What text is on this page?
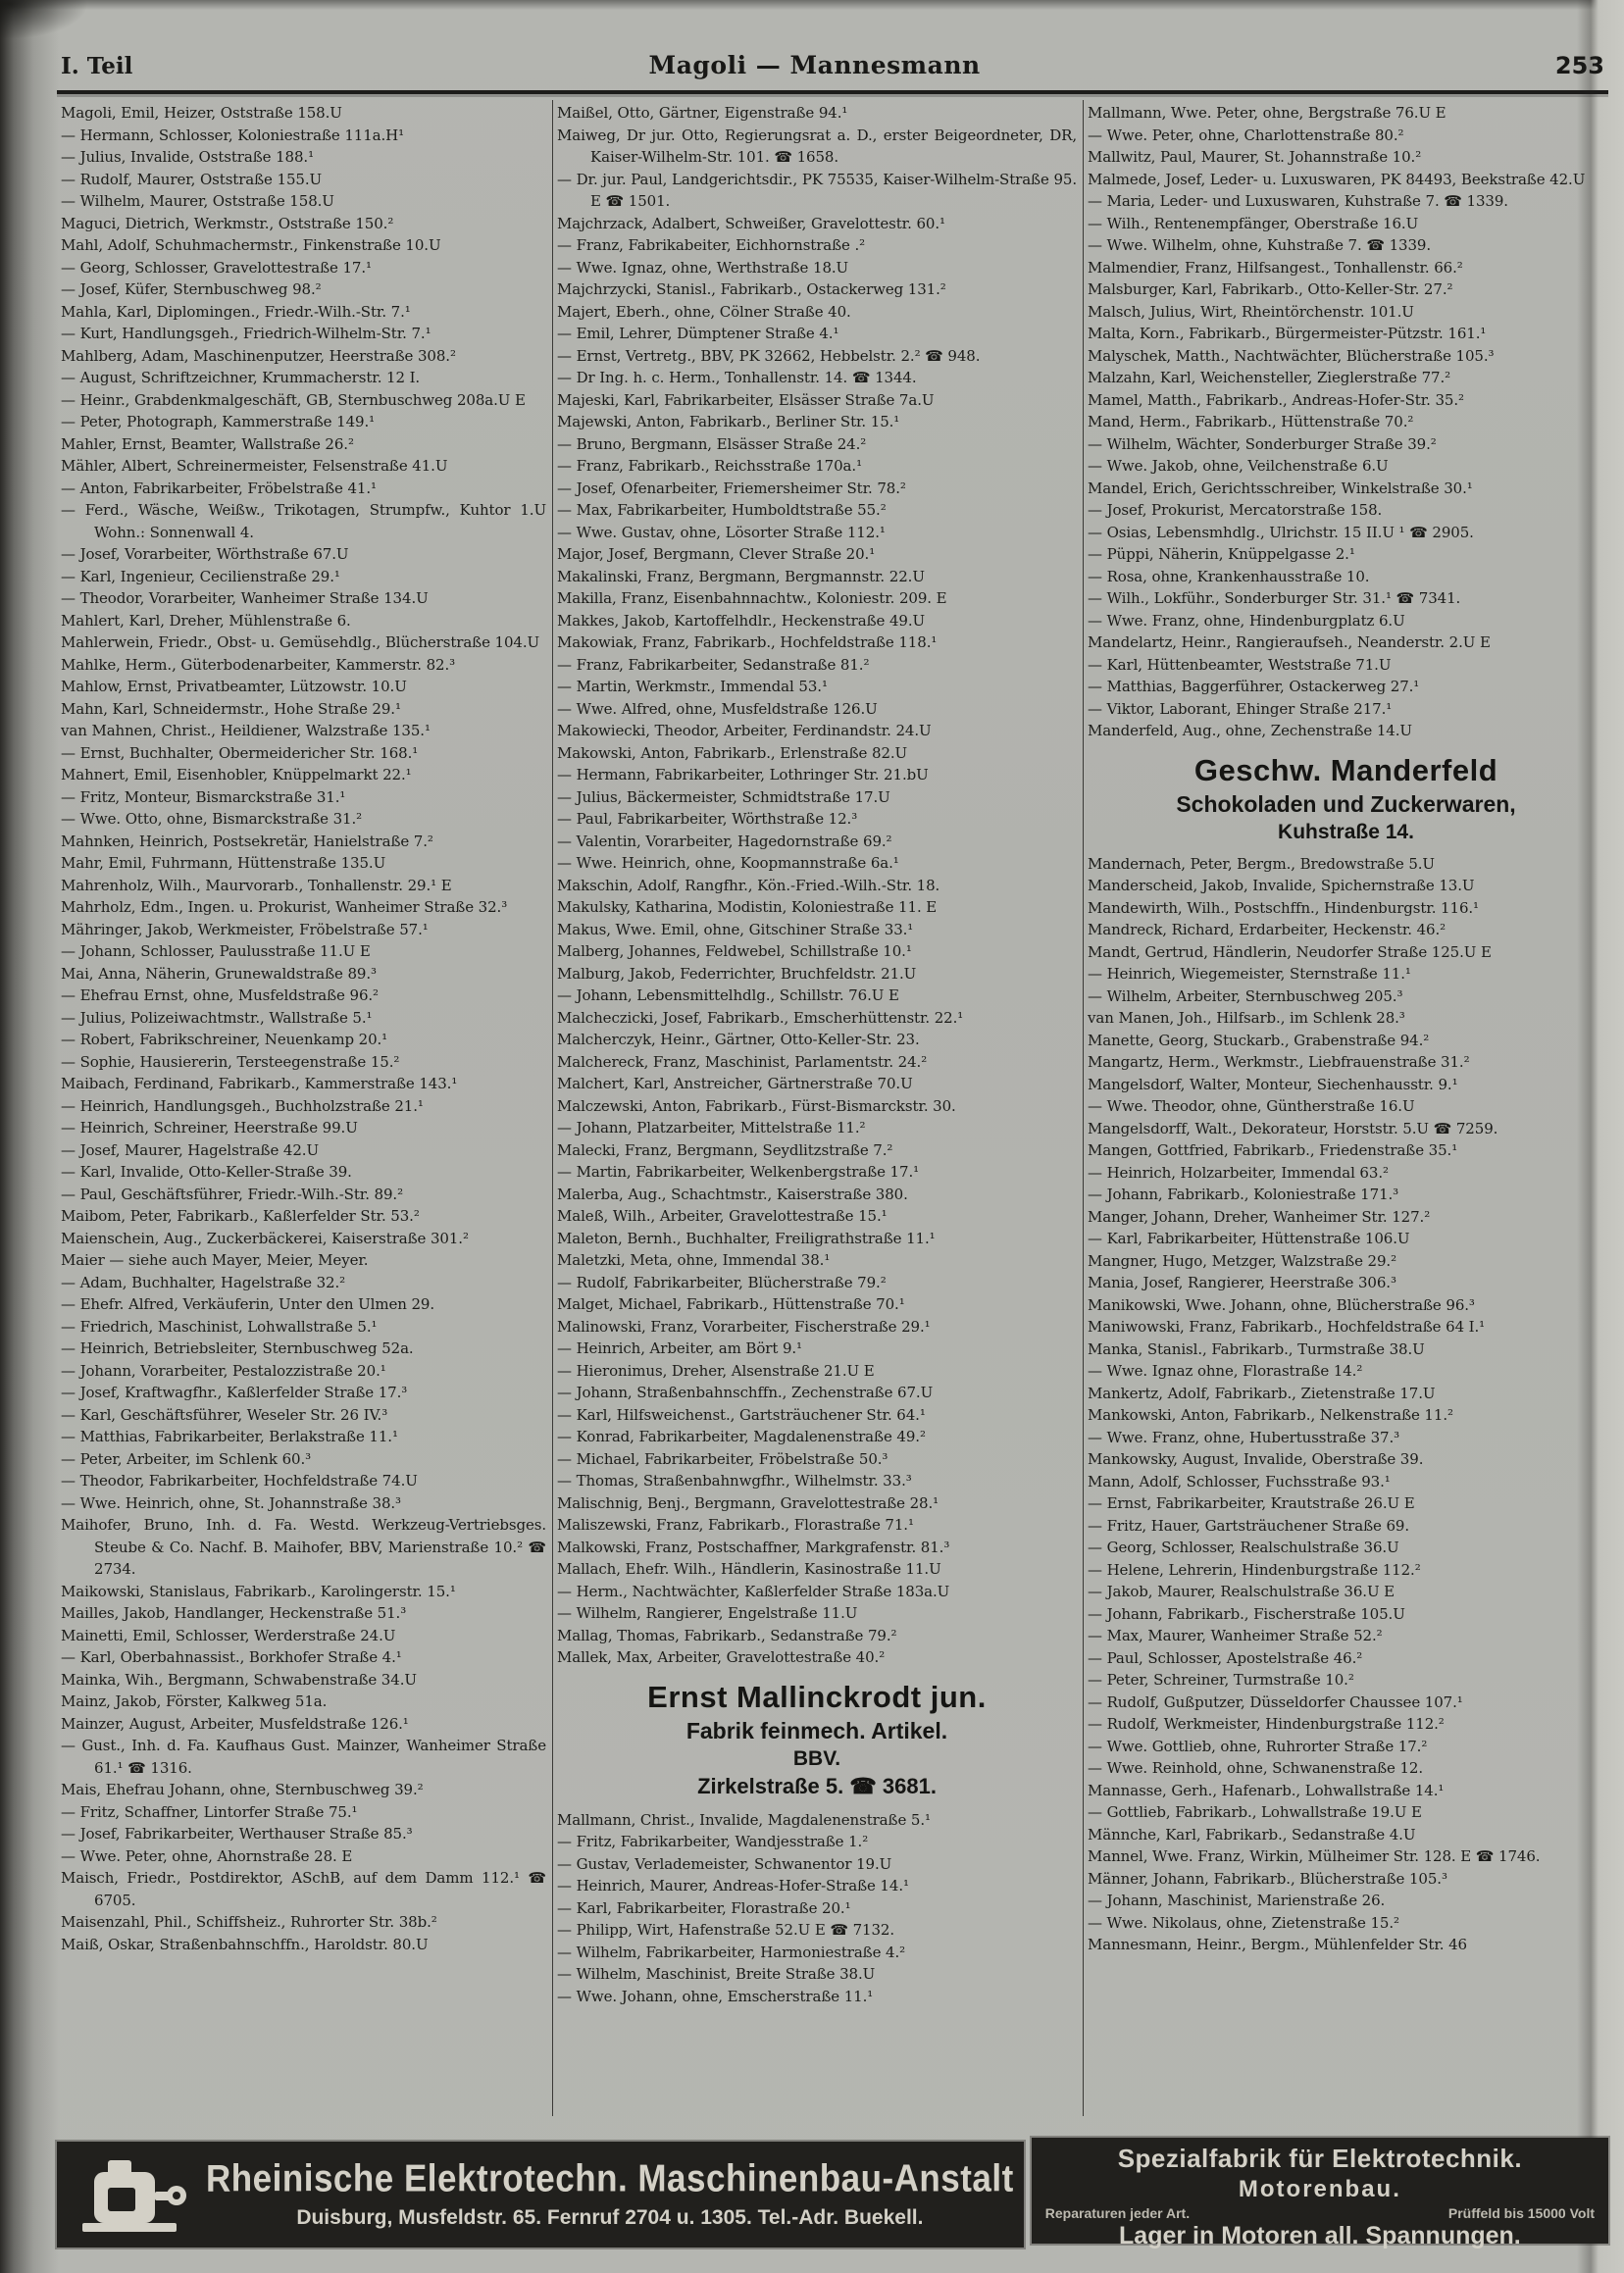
I. Teil	Magoli — Mannesmann	253
Magoli, Emil, Heizer, Oststraße 158.U
— Hermann, Schlosser, Koloniestraße 111a.H¹
— Julius, Invalide, Oststraße 188.¹
— Rudolf, Maurer, Oststraße 155.U
— Wilhelm, Maurer, Oststraße 158.U
Maguci, Dietrich, Werkmstr., Oststraße 150.²
Mahl, Adolf, Schuhmachermstr., Finkenstraße 10.U
— Georg, Schlosser, Gravelottestraße 17.¹
— Josef, Küfer, Sternbuschweg 98.²
Mahla, Karl, Diplomingen., Friedr.-Wilh.-Str. 7.¹
— Kurt, Handlungsgeh., Friedrich-Wilhelm-Str. 7.¹
Mahlberg, Adam, Maschinenputzer, Heerstraße 308.²
— August, Schriftzeichner, Krummacherstr. 12 I.
— Heinr., Grabdenkmalgeschäft, GB, Sternbuschweg 208a.U E
— Peter, Photograph, Kammerstraße 149.¹
Mahler, Ernst, Beamter, Wallstraße 26.²
Mähler, Albert, Schreinermeister, Felsenstraße 41.U
— Anton, Fabrikarbeiter, Fröbelstraße 41.¹
— Ferd., Wäsche, Weißw., Trikotagen, Strumpfw., Kuhtor 1.U Wohn.: Sonnenwall 4.
— Josef, Vorarbeiter, Wörthstraße 67.U
— Karl, Ingenieur, Cecilienstraße 29.¹
— Theodor, Vorarbeiter, Wanheimer Straße 134.U
Mahlert, Karl, Dreher, Mühlenstraße 6.
Mahlerwein, Friedr., Obst- u. Gemüsehdlg., Blücherstraße 104.U
Mahlke, Herm., Güterbodenarbeiter, Kammerstr. 82.³
Mahlow, Ernst, Privatbeamter, Lützowstr. 10.U
Mahn, Karl, Schneidermstr., Hohe Straße 29.¹
van Mahnen, Christ., Heildiener, Walzstraße 135.¹
— Ernst, Buchhalter, Obermeidericher Str. 168.¹
Mahnert, Emil, Eisenhobler, Knüppelmarkt 22.¹
— Fritz, Monteur, Bismarckstraße 31.¹
— Wwe. Otto, ohne, Bismarckstraße 31.²
Mahnken, Heinrich, Postsekretär, Hanielstraße 7.²
Mahr, Emil, Fuhrmann, Hüttenstraße 135.U
Mahrenholz, Wilh., Maurvorarb., Tonhallenstr. 29.¹ E
Mahrholz, Edm., Ingen. u. Prokurist, Wanheimer Straße 32.³
Mähringer, Jakob, Werkmeister, Fröbelstraße 57.¹
— Johann, Schlosser, Paulusstraße 11.U E
Mai, Anna, Näherin, Grunewaldstraße 89.³
— Ehefrau Ernst, ohne, Musfeldstraße 96.²
— Julius, Polizeiwachtmstr., Wallstraße 5.¹
— Robert, Fabrikschreiner, Neuenkamp 20.¹
— Sophie, Hausiererin, Tersteegenstraße 15.²
Maibach, Ferdinand, Fabrikarb., Kammerstraße 143.¹
— Heinrich, Handlungsgeh., Buchholzstraße 21.¹
— Heinrich, Schreiner, Heerstraße 99.U
— Josef, Maurer, Hagelstraße 42.U
— Karl, Invalide, Otto-Keller-Straße 39.
— Paul, Geschäftsführer, Friedr.-Wilh.-Str. 89.²
Maibom, Peter, Fabrikarb., Kaßlerfelder Str. 53.²
Maienschein, Aug., Zuckerbäckerei, Kaiserstraße 301.²
Maier — siehe auch Mayer, Meier, Meyer.
— Adam, Buchhalter, Hagelstraße 32.²
— Ehefr. Alfred, Verkäuferin, Unter den Ulmen 29.
— Friedrich, Maschinist, Lohwallstraße 5.¹
— Heinrich, Betriebsleiter, Sternbuschweg 52a.
— Johann, Vorarbeiter, Pestalozzistraße 20.¹
— Josef, Kraftwagfhr., Kaßlerfelder Straße 17.³
— Karl, Geschäftsführer, Weseler Str. 26 IV.³
— Matthias, Fabrikarbeiter, Berlakstraße 11.¹
— Peter, Arbeiter, im Schlenk 60.³
— Theodor, Fabrikarbeiter, Hochfeldstraße 74.U
— Wwe. Heinrich, ohne, St. Johannstraße 38.³
Maihofer, Bruno, Inh. d. Fa. Westd. Werkzeug-Vertriebsges. Steube & Co. Nachf. B. Maihofer, BBV, Marienstraße 10.² ☎ 2734.
Maikowski, Stanislaus, Fabrikarb., Karolingerstr. 15.¹
Mailles, Jakob, Handlanger, Heckenstraße 51.³
Mainetti, Emil, Schlosser, Werderstraße 24.U
— Karl, Oberbahnassist., Borkhofer Straße 4.¹
Mainka, Wih., Bergmann, Schwabenstraße 34.U
Mainz, Jakob, Förster, Kalkweg 51a.
Mainzer, August, Arbeiter, Musfeldstraße 126.¹
— Gust., Inh. d. Fa. Kaufhaus Gust. Mainzer, Wanheimer Straße 61.¹ ☎ 1316.
Mais, Ehefrau Johann, ohne, Sternbuschweg 39.²
— Fritz, Schaffner, Lintorfer Straße 75.¹
— Josef, Fabrikarbeiter, Werthauser Straße 85.³
— Wwe. Peter, ohne, Ahornstraße 28. E
Maisch, Friedr., Postdirektor, ASchB, auf dem Damm 112.¹ ☎ 6705.
Maisenzahl, Phil., Schiffsheiz., Ruhrorter Str. 38b.²
Maiß, Oskar, Straßenbahnschffn., Haroldstr. 80.U
Maißel, Otto, Gärtner, Eigenstraße 94.¹
Maiweg, Dr jur. Otto, Regierungsrat a. D., erster Beigeordneter, DR, Kaiser-Wilhelm-Str. 101. ☎ 1658.
— Dr. jur. Paul, Landgerichtsdir., PK 75535, Kaiser-Wilhelm-Straße 95. E ☎ 1501.
Majchrzack, Adalbert, Schweißer, Gravelottestr. 60.¹
— Franz, Fabrikabeiter, Eichhornstraße .²
— Wwe. Ignaz, ohne, Werthstraße 18.U
Majchrzycki, Stanisl., Fabrikarb., Ostackerweg 131.²
Majert, Eberh., ohne, Cölner Straße 40.
— Emil, Lehrer, Dümptener Straße 4.¹
— Ernst, Vertretg., BBV, PK 32662, Hebbelstr. 2.² ☎ 948.
— Dr Ing. h. c. Herm., Tonhallenstr. 14. ☎ 1344.
Majeski, Karl, Fabrikarbeiter, Elsässer Straße 7a.U
Majewski, Anton, Fabrikarb., Berliner Str. 15.¹
— Bruno, Bergmann, Elsässer Straße 24.²
— Franz, Fabrikarb., Reichsstraße 170a.¹
— Josef, Ofenarbeiter, Friemersheimer Str. 78.²
— Max, Fabrikarbeiter, Humboldtstraße 55.²
— Wwe. Gustav, ohne, Lösorter Straße 112.¹
Major, Josef, Bergmann, Clever Straße 20.¹
Makalinski, Franz, Bergmann, Bergmannstr. 22.U
Makilla, Franz, Eisenbahnnachtw., Koloniestr. 209. E
Makkes, Jakob, Kartoffelhdlr., Heckenstraße 49.U
Makowiak, Franz, Fabrikarb., Hochfeldstraße 118.¹
— Franz, Fabrikarbeiter, Sedanstraße 81.²
— Martin, Werkmstr., Immendal 53.¹
— Wwe. Alfred, ohne, Musfeldstraße 126.U
Makowiecki, Theodor, Arbeiter, Ferdinandstr. 24.U
Makowski, Anton, Fabrikarb., Erlenstraße 82.U
— Hermann, Fabrikarbeiter, Lothringer Str. 21.bU
— Julius, Bäckermeister, Schmidtstraße 17.U
— Paul, Fabrikarbeiter, Wörthstraße 12.³
— Valentin, Vorarbeiter, Hagedornstraße 69.²
— Wwe. Heinrich, ohne, Koopmannstraße 6a.¹
Makschin, Adolf, Rangfhr., Kön.-Fried.-Wilh.-Str. 18.
Makulsky, Katharina, Modistin, Koloniestraße 11. E
Makus, Wwe. Emil, ohne, Gitschiner Straße 33.¹
Malberg, Johannes, Feldwebel, Schillstraße 10.¹
Malburg, Jakob, Federrichter, Bruchfeldstr. 21.U
— Johann, Lebensmittelhdlg., Schillstr. 76.U E
Malcheczicki, Josef, Fabrikarb., Emscherhüttenstr. 22.¹
Malcherczyk, Heinr., Gärtner, Otto-Keller-Str. 23.
Malchereck, Franz, Maschinist, Parlamentstr. 24.²
Malchert, Karl, Anstreicher, Gärtnerstraße 70.U
Malczewski, Anton, Fabrikarb., Fürst-Bismarckstr. 30.
— Johann, Platzarbeiter, Mittelstraße 11.²
Malecki, Franz, Bergmann, Seydlitzstraße 7.²
— Martin, Fabrikarbeiter, Welkenbergstraße 17.¹
Malerba, Aug., Schachtmstr., Kaiserstraße 380.
Maleß, Wilh., Arbeiter, Gravelottestraße 15.¹
Maleton, Bernh., Buchhalter, Freiligrathstraße 11.¹
Maletzki, Meta, ohne, Immendal 38.¹
— Rudolf, Fabrikarbeiter, Blücherstraße 79.²
Malget, Michael, Fabrikarb., Hüttenstraße 70.¹
Malinowski, Franz, Vorarbeiter, Fischerstraße 29.¹
— Heinrich, Arbeiter, am Bört 9.¹
— Hieronimus, Dreher, Alsenstraße 21.U E
— Johann, Straßenbahnschffn., Zechenstraße 67.U
— Karl, Hilfsweichenst., Gartsträuchener Str. 64.¹
— Konrad, Fabrikarbeiter, Magdalenenstraße 49.²
— Michael, Fabrikarbeiter, Fröbelstraße 50.³
— Thomas, Straßenbahnwgfhr., Wilhelmstr. 33.³
Malischnig, Benj., Bergmann, Gravelottestraße 28.¹
Maliszewski, Franz, Fabrikarb., Florastraße 71.¹
Malkowski, Franz, Postschaffner, Markgrafenstr. 81.³
Mallach, Ehefr. Wilh., Händlerin, Kasinostraße 11.U
— Herm., Nachtwächter, Kaßlerfelder Straße 183a.U
— Wilhelm, Rangierer, Engelstraße 11.U
Mallag, Thomas, Fabrikarb., Sedanstraße 79.²
Mallek, Max, Arbeiter, Gravelottestraße 40.²
Ernst Mallinckrodt jun.
Fabrik feinmech. Artikel.
BBV.
Zirkelstraße 5. ☎ 3681.
Mallmann, Christ., Invalide, Magdalenenstraße 5.¹
— Fritz, Fabrikarbeiter, Wandjesstraße 1.²
— Gustav, Verlademeister, Schwanentor 19.U
— Heinrich, Maurer, Andreas-Hofer-Straße 14.¹
— Karl, Fabrikarbeiter, Florastraße 20.¹
— Philipp, Wirt, Hafenstraße 52.U E ☎ 7132.
— Wilhelm, Fabrikarbeiter, Harmoniestraße 4.²
— Wilhelm, Maschinist, Breite Straße 38.U
— Wwe. Johann, ohne, Emscherstraße 11.¹
Mallmann, Wwe. Peter, ohne, Bergstraße 76.U E
— Wwe. Peter, ohne, Charlottenstraße 80.²
Mallwitz, Paul, Maurer, St. Johannstraße 10.²
Malmede, Josef, Leder- u. Luxuswaren, PK 84493, Beekstraße 42.U
— Maria, Leder- und Luxuswaren, Kuhstraße 7. ☎ 1339.
— Wilh., Rentenempfänger, Oberstraße 16.U
— Wwe. Wilhelm, ohne, Kuhstraße 7. ☎ 1339.
Malmendier, Franz, Hilfsangest., Tonhallenstr. 66.²
Malsburger, Karl, Fabrikarb., Otto-Keller-Str. 27.²
Malsch, Julius, Wirt, Rheintörchenstr. 101.U
Malta, Korn., Fabrikarb., Bürgermeister-Pützstr. 161.¹
Malyschek, Matth., Nachtwächter, Blücherstraße 105.³
Malzahn, Karl, Weichensteller, Zieglerstraße 77.²
Mamel, Matth., Fabrikarb., Andreas-Hofer-Str. 35.²
Mand, Herm., Fabrikarb., Hüttenstraße 70.²
— Wilhelm, Wächter, Sonderburger Straße 39.²
— Wwe. Jakob, ohne, Veilchenstraße 6.U
Mandel, Erich, Gerichtsschreiber, Winkelstraße 30.¹
— Josef, Prokurist, Mercatorstraße 158.
— Osias, Lebensmhdlg., Ulrichstr. 15 II.U ¹ ☎ 2905.
— Püppi, Näherin, Knüppelgasse 2.¹
— Rosa, ohne, Krankenhausstraße 10.
— Wilh., Lokführ., Sonderburger Str. 31.¹ ☎ 7341.
— Wwe. Franz, ohne, Hindenburgplatz 6.U
Mandelartz, Heinr., Rangieraufseh., Neanderstr. 2.U E
— Karl, Hüttenbeamter, Weststraße 71.U
— Matthias, Baggerführer, Ostackerweg 27.¹
— Viktor, Laborant, Ehinger Straße 217.¹
Manderfeld, Aug., ohne, Zechenstraße 14.U
Geschw. Manderfeld
Schokoladen und Zuckerwaren,
Kuhstraße 14.
Mandernach, Peter, Bergm., Bredowstraße 5.U
Manderscheid, Jakob, Invalide, Spichernstraße 13.U
Mandewirth, Wilh., Postschffn., Hindenburgstr. 116.¹
Mandreck, Richard, Erdarbeiter, Heckenstr. 46.²
Mandt, Gertrud, Händlerin, Neudorfer Straße 125.U E
— Heinrich, Wiegemeister, Sternstraße 11.¹
— Wilhelm, Arbeiter, Sternbuschweg 205.³
van Manen, Joh., Hilfsarb., im Schlenk 28.³
Manette, Georg, Stuckarb., Grabenstraße 94.²
Mangartz, Herm., Werkmstr., Liebfrauenstraße 31.²
Mangelsdorf, Walter, Monteur, Siechenhausstr. 9.¹
— Wwe. Theodor, ohne, Güntherstraße 16.U
Mangelsdorff, Walt., Dekorateur, Horststr. 5.U ☎ 7259.
Mangen, Gottfried, Fabrikarb., Friedenstraße 35.¹
— Heinrich, Holzarbeiter, Immendal 63.²
— Johann, Fabrikarb., Koloniestraße 171.³
Manger, Johann, Dreher, Wanheimer Str. 127.²
— Karl, Fabrikarbeiter, Hüttenstraße 106.U
Mangner, Hugo, Metzger, Walzstraße 29.²
Mania, Josef, Rangierer, Heerstraße 306.³
Manikowski, Wwe. Johann, ohne, Blücherstraße 96.³
Maniwowski, Franz, Fabrikarb., Hochfeldstraße 64 I.¹
Manka, Stanisl., Fabrikarb., Turmstraße 38.U
— Wwe. Ignaz ohne, Florastraße 14.²
Mankertz, Adolf, Fabrikarb., Zietenstraße 17.U
Mankowski, Anton, Fabrikarb., Nelkenstraße 11.²
— Wwe. Franz, ohne, Hubertusstraße 37.³
Mankowsky, August, Invalide, Oberstraße 39.
Mann, Adolf, Schlosser, Fuchsstraße 93.¹
— Ernst, Fabrikarbeiter, Krautstraße 26.U E
— Fritz, Hauer, Gartsträuchener Straße 69.
— Georg, Schlosser, Realschulstraße 36.U
— Helene, Lehrerin, Hindenburgstraße 112.²
— Jakob, Maurer, Realschulstraße 36.U E
— Johann, Fabrikarb., Fischerstraße 105.U
— Max, Maurer, Wanheimer Straße 52.²
— Paul, Schlosser, Apostelstraße 46.²
— Peter, Schreiner, Turmstraße 10.²
— Rudolf, Gußputzer, Düsseldorfer Chaussee 107.¹
— Rudolf, Werkmeister, Hindenburgstraße 112.²
— Wwe. Gottlieb, ohne, Ruhrorter Straße 17.²
— Wwe. Reinhold, ohne, Schwanenstraße 12.
Mannasse, Gerh., Hafenarb., Lohwallstraße 14.¹
— Gottlieb, Fabrikarb., Lohwallstraße 19.U E
Männche, Karl, Fabrikarb., Sedanstraße 4.U
Mannel, Wwe. Franz, Wirkin, Mülheimer Str. 128. E ☎ 1746.
Männer, Johann, Fabrikarb., Blücherstraße 105.³
— Johann, Maschinist, Marienstraße 26.
— Wwe. Nikolaus, ohne, Zietenstraße 15.²
Mannesmann, Heinr., Bergm., Mühlenfelder Str. 46
Rheinische Elektrotechn. Maschinenbau-Anstalt
Duisburg, Musfeldstr. 65. Fernruf 2704 u. 1305. Tel.-Adr. Buekell.
Spezialfabrik für Elektrotechnik.
Motorenbau.
Reparaturen jeder Art.	Prüffeld bis 15000 Volt
Lager in Motoren all. Spannungen.
